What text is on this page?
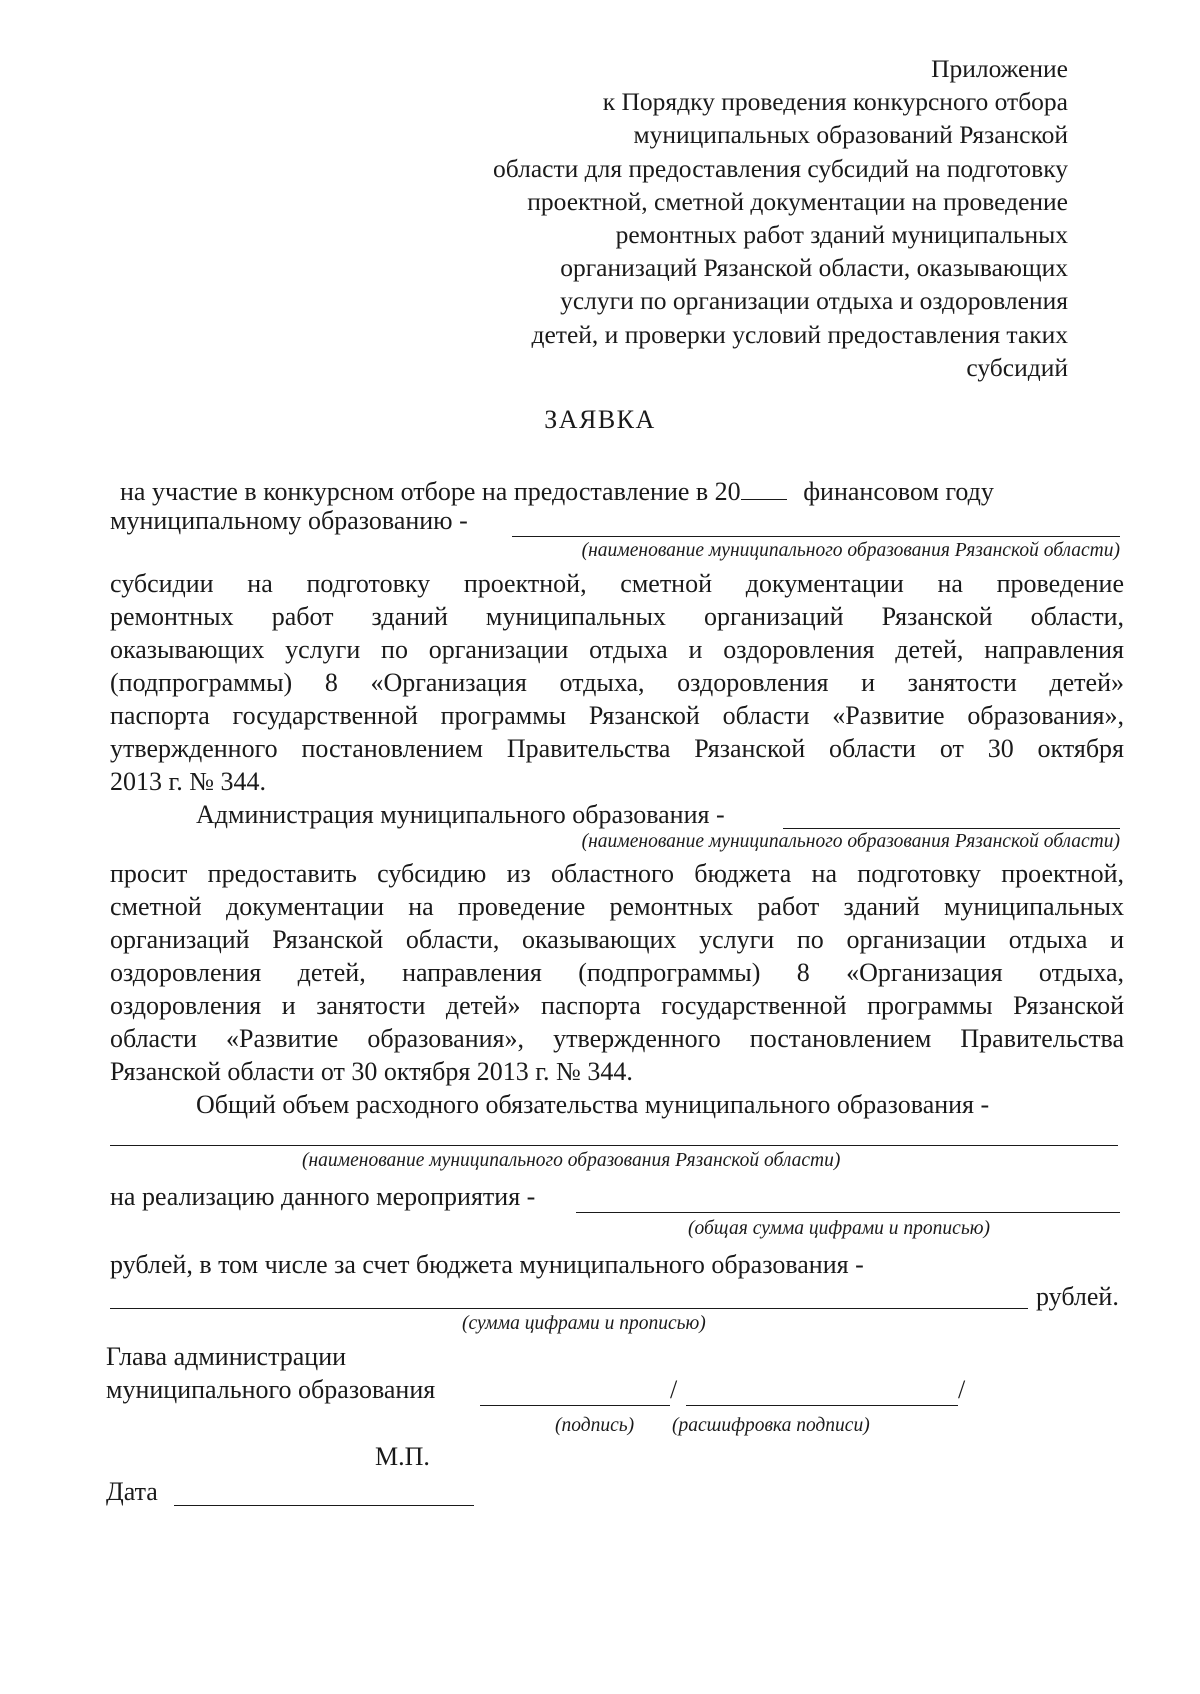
Приложение
к Порядку проведения конкурсного отбора
муниципальных образований Рязанской
области для предоставления субсидий на подготовку
проектной, сметной документации на проведение
ремонтных работ зданий муниципальных
организаций Рязанской области, оказывающих
услуги по организации отдыха и оздоровления
детей, и проверки условий предоставления таких
субсидий
ЗАЯВКА
на участие в конкурсном отборе на предоставление в 20 финансовом году
муниципальному образованию -
(наименование муниципального образования Рязанской области)
субсидии на подготовку проектной, сметной документации на проведение
ремонтных работ зданий муниципальных организаций Рязанской области,
оказывающих услуги по организации отдыха и оздоровления детей, направления
(подпрограммы) 8 «Организация отдыха, оздоровления и занятости детей»
паспорта государственной программы Рязанской области «Развитие образования»,
утвержденного постановлением Правительства Рязанской области от 30 октября
2013 г. № 344.
Администрация муниципального образования -
(наименование муниципального образования Рязанской области)
просит предоставить субсидию из областного бюджета на подготовку проектной,
сметной документации на проведение ремонтных работ зданий муниципальных
организаций Рязанской области, оказывающих услуги по организации отдыха и
оздоровления детей, направления (подпрограммы) 8 «Организация отдыха,
оздоровления и занятости детей» паспорта государственной программы Рязанской
области «Развитие образования», утвержденного постановлением Правительства
Рязанской области от 30 октября 2013 г. № 344.
Общий объем расходного обязательства муниципального образования -
(наименование муниципального образования Рязанской области)
на реализацию данного мероприятия -
(общая сумма цифрами и прописью)
рублей, в том числе за счет бюджета муниципального образования -
рублей.
(сумма цифрами и прописью)
Глава администрации
муниципального образования	/	/
(подпись) (расшифровка подписи)
М.П.
Дата
